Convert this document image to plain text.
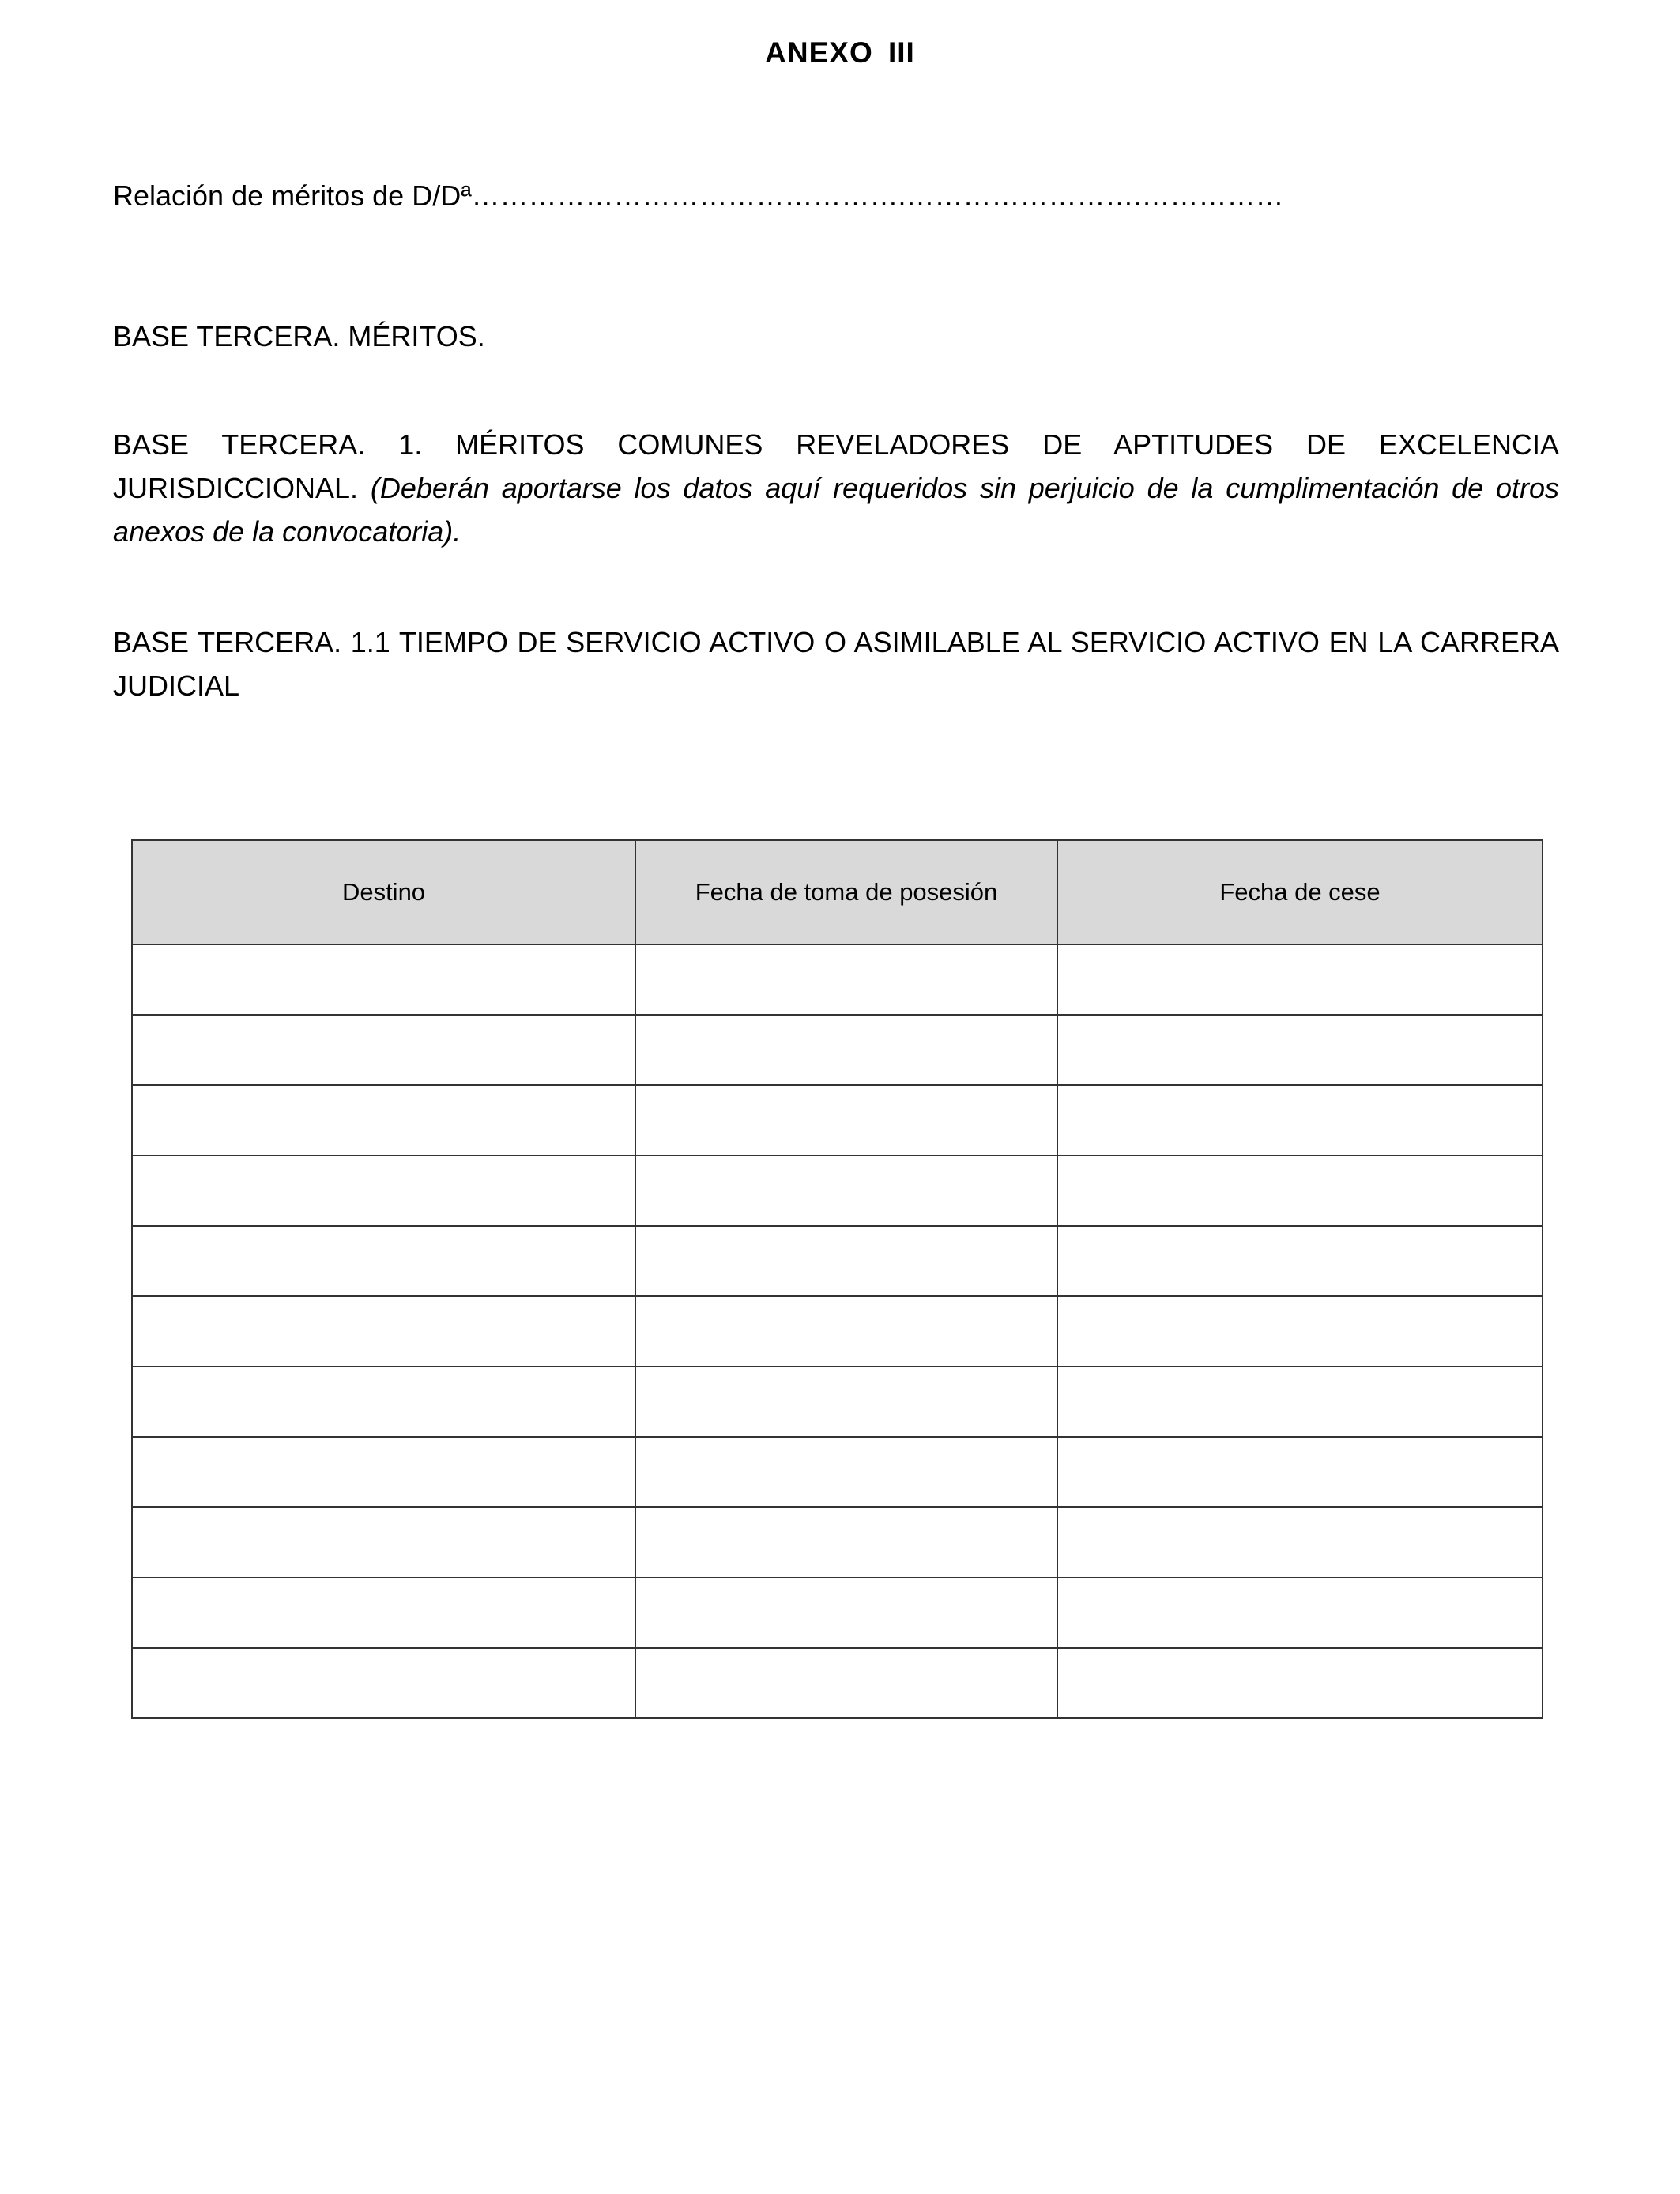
ANEXO III
Relación de méritos de D/Dª……………………………………….…………………….……………
BASE TERCERA. MÉRITOS.
BASE TERCERA. 1. MÉRITOS COMUNES REVELADORES DE APTITUDES DE EXCELENCIA JURISDICCIONAL. (Deberán aportarse los datos aquí requeridos sin perjuicio de la cumplimentación de otros anexos de la convocatoria).
BASE TERCERA. 1.1 TIEMPO DE SERVICIO ACTIVO O ASIMILABLE AL SERVICIO ACTIVO EN LA CARRERA JUDICIAL
Destino	Fecha de toma de posesión	Fecha de cese
